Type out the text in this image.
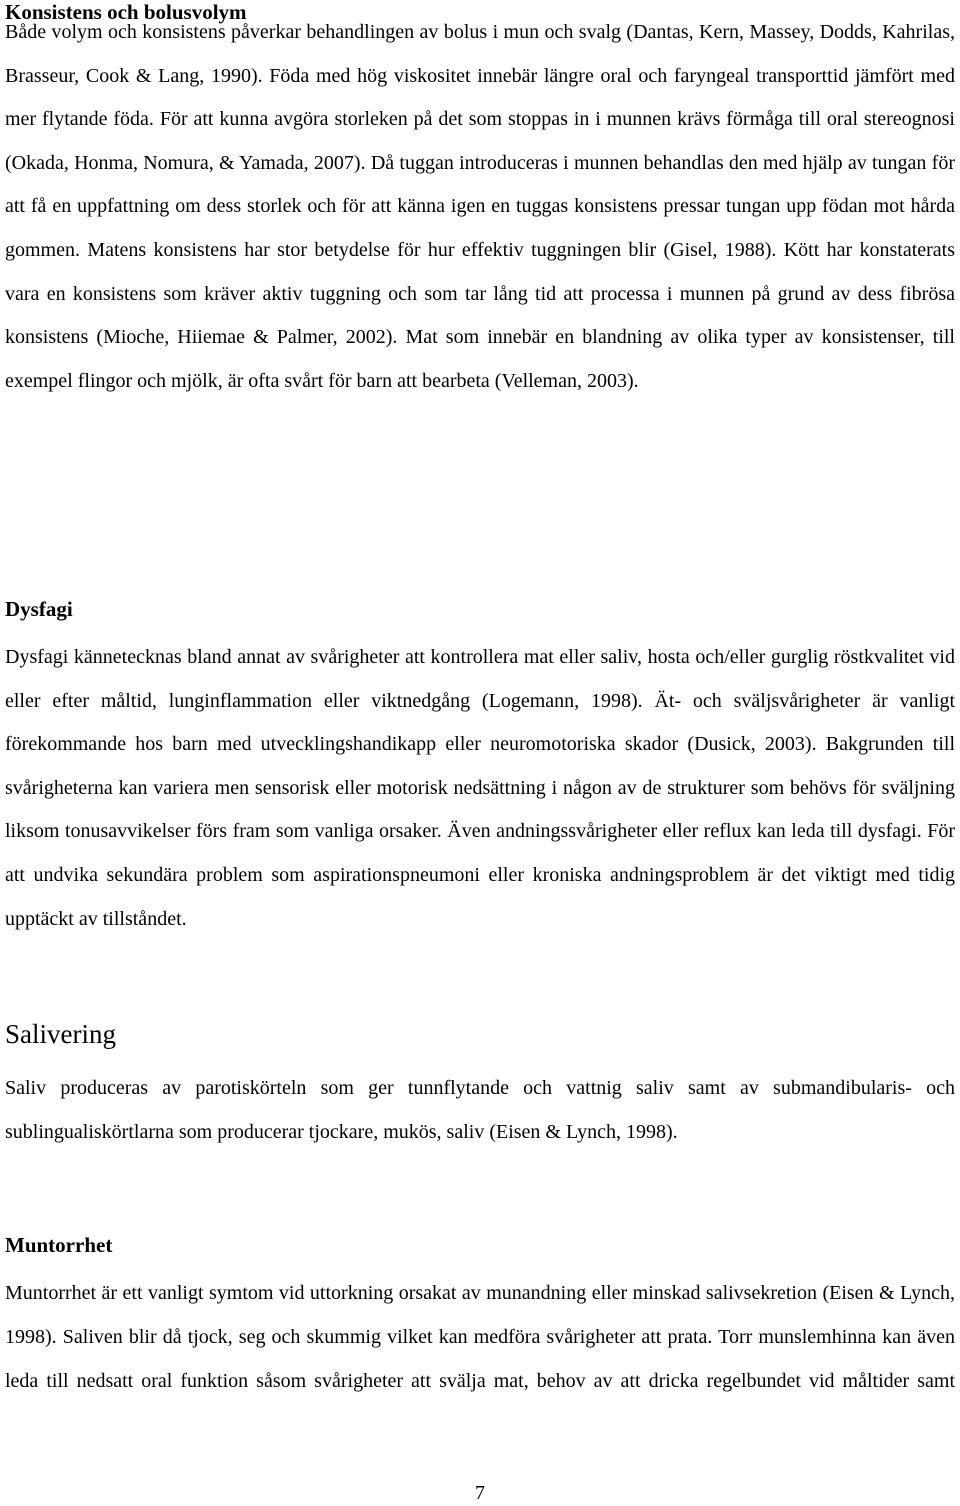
Konsistens och bolusvolym

Både volym och konsistens påverkar behandlingen av bolus i mun och svalg (Dantas, Kern, Massey, Dodds, Kahrilas, Brasseur, Cook & Lang, 1990). Föda med hög viskositet innebär längre oral och faryngeal transporttid jämfört med mer flytande föda. För att kunna avgöra storleken på det som stoppas in i munnen krävs förmåga till oral stereognosi (Okada, Honma, Nomura, & Yamada, 2007). Då tuggan introduceras i munnen behandlas den med hjälp av tungan för att få en uppfattning om dess storlek och för att känna igen en tuggas konsistens pressar tungan upp födan mot hårda gommen. Matens konsistens har stor betydelse för hur effektiv tuggningen blir (Gisel, 1988). Kött har konstaterats vara en konsistens som kräver aktiv tuggning och som tar lång tid att processa i munnen på grund av dess fibrösa konsistens (Mioche, Hiiemae & Palmer, 2002). Mat som innebär en blandning av olika typer av konsistenser, till exempel flingor och mjölk, är ofta svårt för barn att bearbeta (Velleman, 2003).

Dysfagi

Dysfagi kännetecknas bland annat av svårigheter att kontrollera mat eller saliv, hosta och/eller gurglig röstkvalitet vid eller efter måltid, lunginflammation eller viktnedgång (Logemann, 1998). Ät- och sväljsvårigheter är vanligt förekommande hos barn med utvecklingshandikapp eller neuromotoriska skador (Dusick, 2003). Bakgrunden till svårigheterna kan variera men sensorisk eller motorisk nedsättning i någon av de strukturer som behövs för sväljning liksom tonusavvikelser förs fram som vanliga orsaker. Även andningssvårigheter eller reflux kan leda till dysfagi. För att undvika sekundära problem som aspirationspneumoni eller kroniska andningsproblem är det viktigt med tidig upptäckt av tillståndet.

Salivering

Saliv produceras av parotiskörteln som ger tunnflytande och vattnig saliv samt av submandibularis- och sublingualiskörtlarna som producerar tjockare, mukös, saliv (Eisen & Lynch, 1998).

Muntorrhet

Muntorrhet är ett vanligt symtom vid uttorkning orsakat av munandning eller minskad salivsekretion (Eisen & Lynch, 1998). Saliven blir då tjock, seg och skummig vilket kan medföra svårigheter att prata. Torr munslemhinna kan även leda till nedsatt oral funktion såsom svårigheter att svälja mat, behov av att dricka regelbundet vid måltider samt

7
